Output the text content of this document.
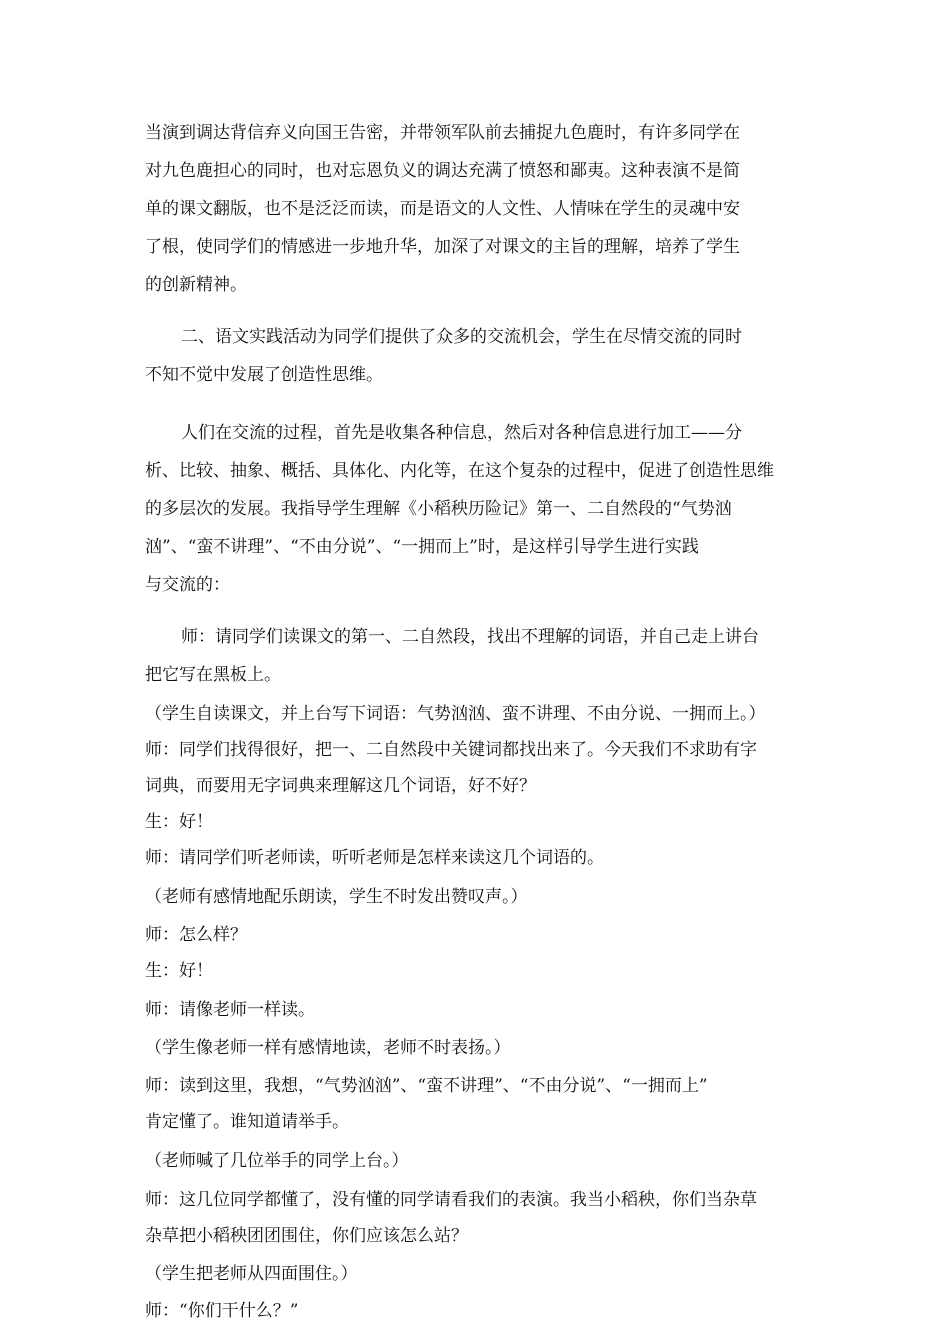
当演到调达背信弃义向国王告密，并带领军队前去捕捉九色鹿时，有许多同学在
对九色鹿担心的同时，也对忘恩负义的调达充满了愤怒和鄙夷。这种表演不是简
单的课文翻版，也不是泛泛而读，而是语文的人文性、人情味在学生的灵魂中安
了根，使同学们的情感进一步地升华，加深了对课文的主旨的理解，培养了学生
的创新精神。
二、语文实践活动为同学们提供了众多的交流机会，学生在尽情交流的同时
不知不觉中发展了创造性思维。
人们在交流的过程，首先是收集各种信息，然后对各种信息进行加工——分
析、比较、抽象、概括、具体化、内化等，在这个复杂的过程中，促进了创造性思维
的多层次的发展。我指导学生理解《小稻秧历险记》第一、二自然段的“气势汹
汹”、“蛮不讲理”、“不由分说”、“一拥而上”时，是这样引导学生进行实践
与交流的：
师：请同学们读课文的第一、二自然段，找出不理解的词语，并自己走上讲台
把它写在黑板上。
（学生自读课文，并上台写下词语：气势汹汹、蛮不讲理、不由分说、一拥而上。）
师：同学们找得很好，把一、二自然段中关键词都找出来了。今天我们不求助有字
词典，而要用无字词典来理解这几个词语，好不好？
生：好！
师：请同学们听老师读，听听老师是怎样来读这几个词语的。
（老师有感情地配乐朗读，学生不时发出赞叹声。）
师：怎么样？
生：好！
师：请像老师一样读。
（学生像老师一样有感情地读，老师不时表扬。）
师：读到这里，我想，“气势汹汹”、“蛮不讲理”、“不由分说”、“一拥而上”
肯定懂了。谁知道请举手。
（老师喊了几位举手的同学上台。）
师：这几位同学都懂了，没有懂的同学请看我们的表演。我当小稻秧，你们当杂草
杂草把小稻秧团团围住，你们应该怎么站？
（学生把老师从四面围住。）
师：“你们干什么？”
